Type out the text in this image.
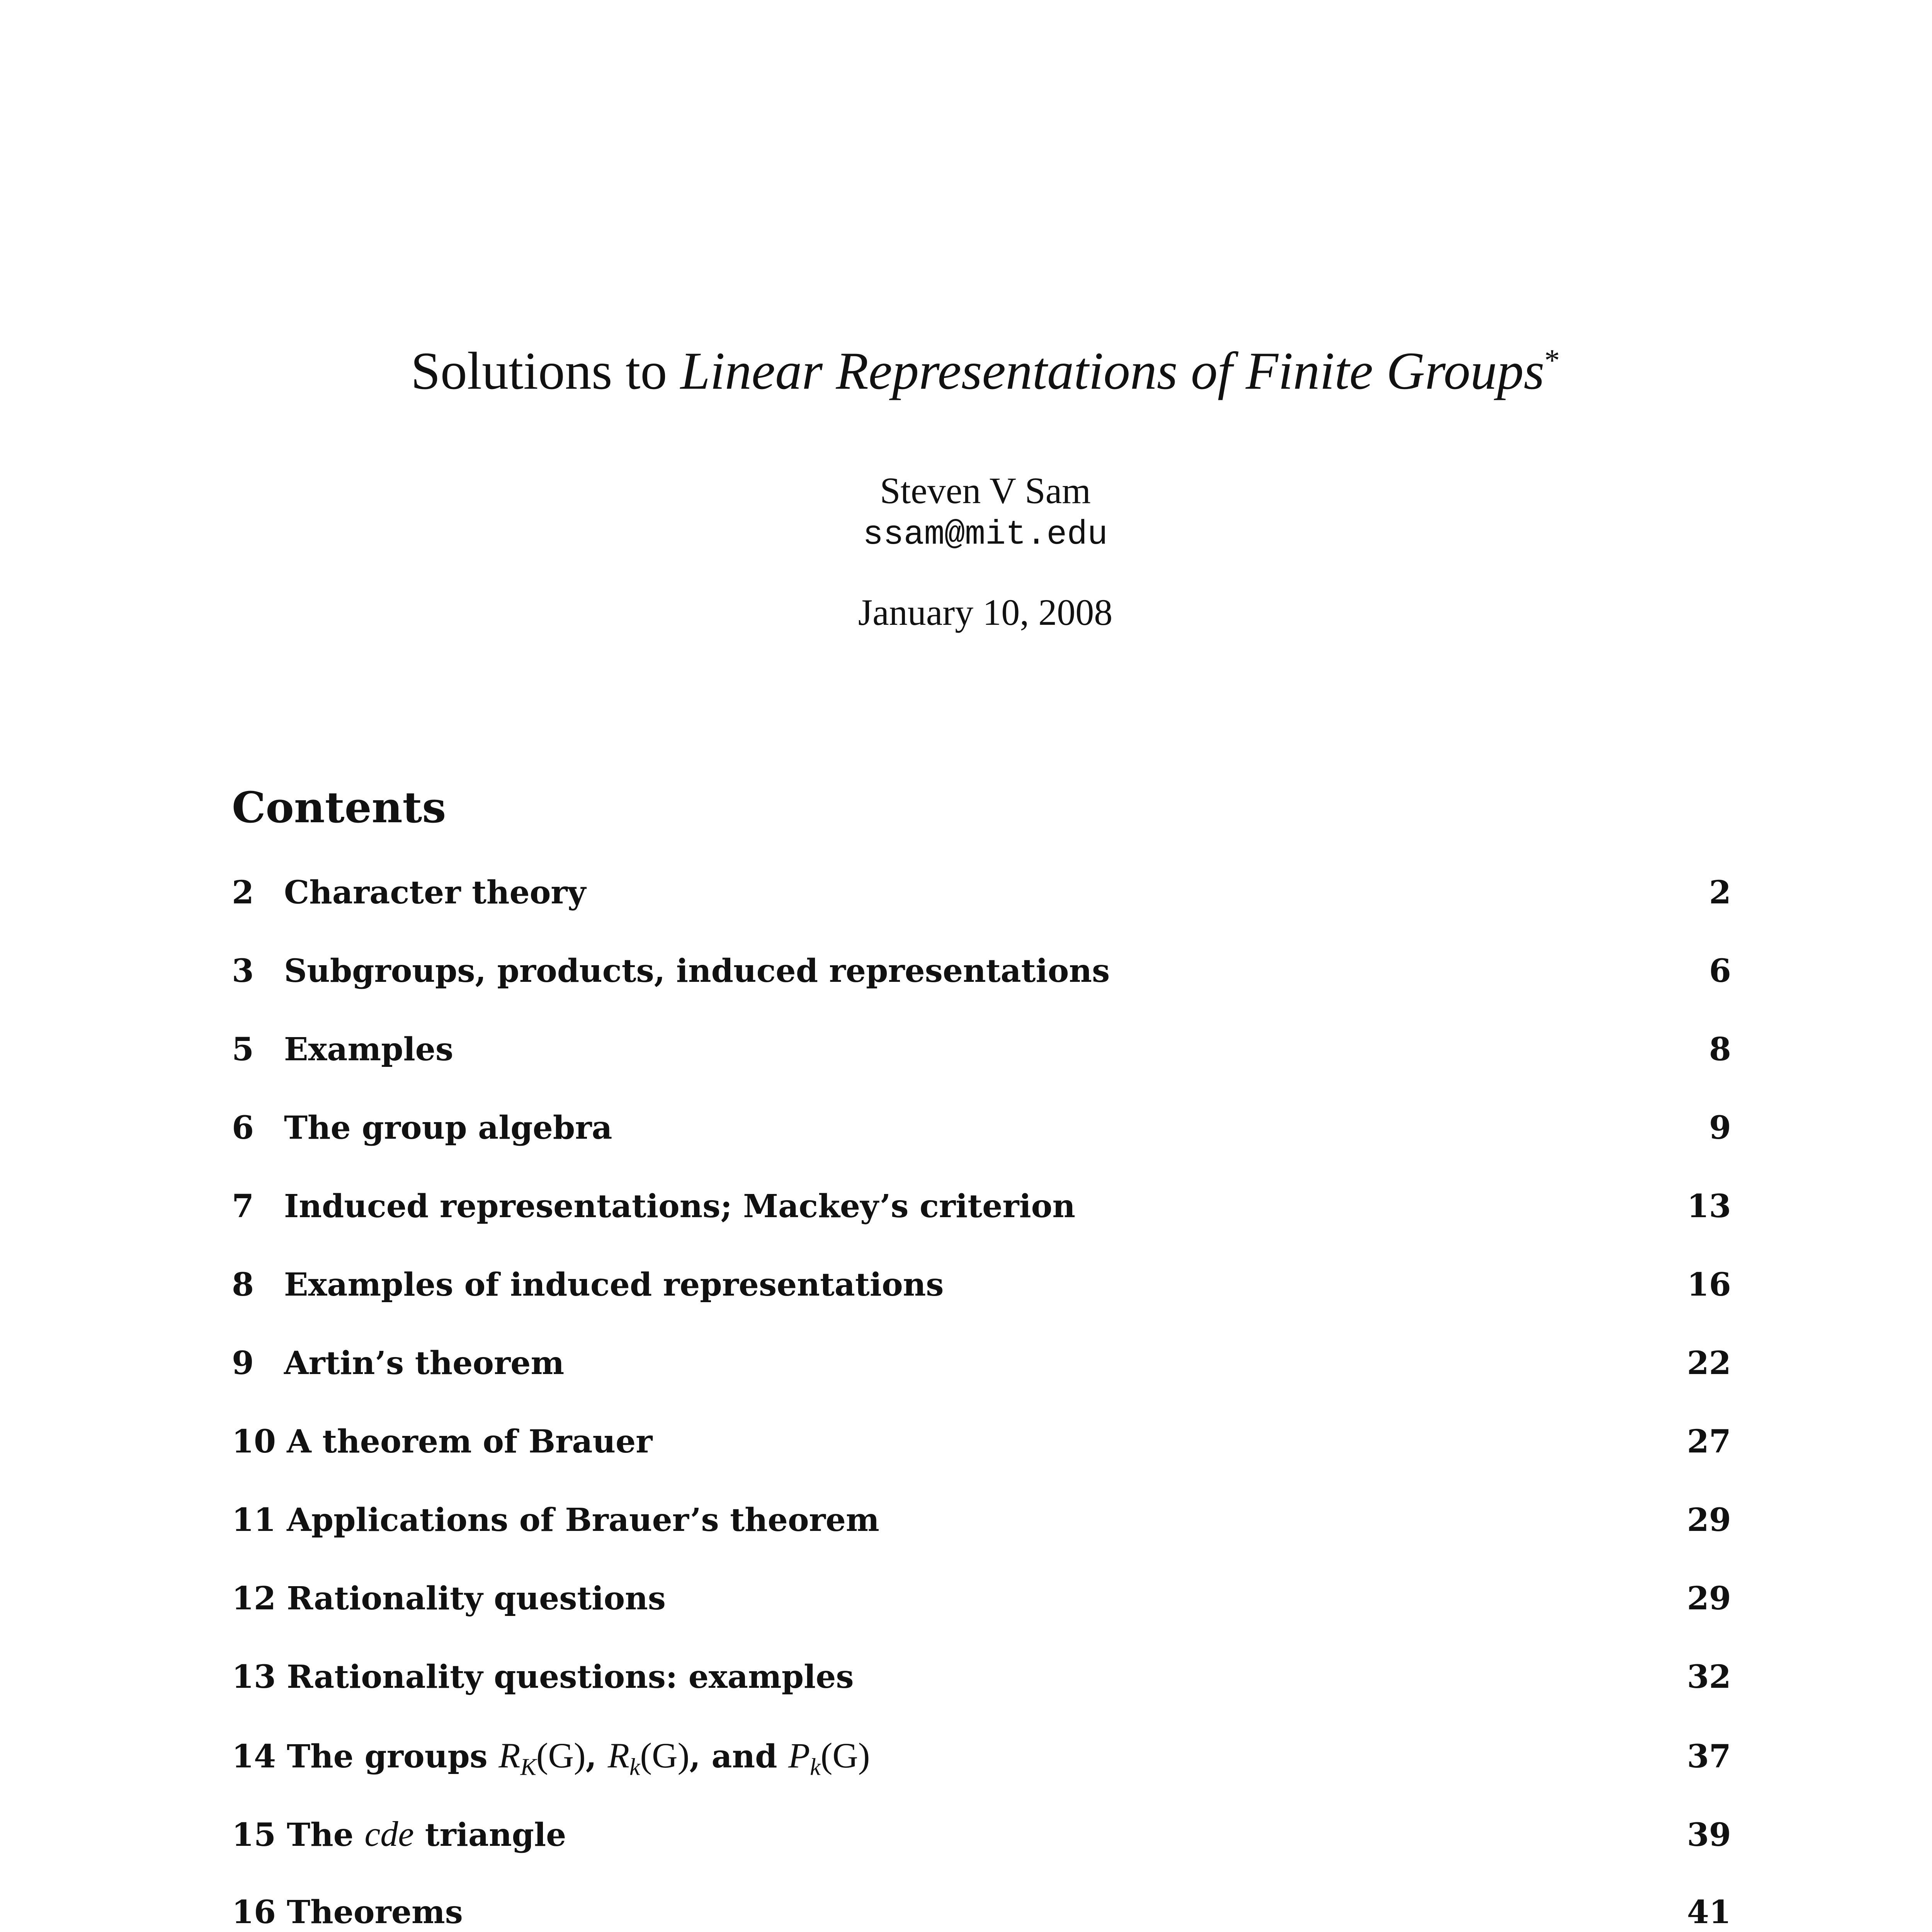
Solutions to Linear Representations of Finite Groups*
Steven V Sam
ssam@mit.edu
January 10, 2008
Contents
2 Character theory	2
3 Subgroups, products, induced representations	6
5 Examples	8
6 The group algebra	9
7 Induced representations; Mackey’s criterion	13
8 Examples of induced representations	16
9 Artin’s theorem	22
10 A theorem of Brauer	27
11 Applications of Brauer’s theorem	29
12 Rationality questions	29
13 Rationality questions: examples	32
14 The groups $R_K(G)$, $R_k(G)$, and $P_k(G)$	37
15 The cde triangle	39
16 Theorems	41
